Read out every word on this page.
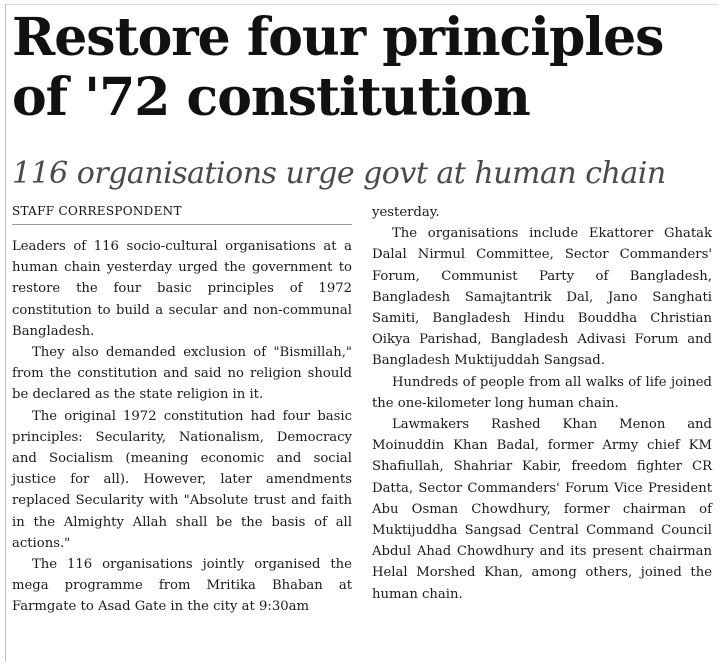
Restore four principles
of '72 constitution
116 organisations urge govt at human chain
STAFF CORRESPONDENT

Leaders of 116 socio-cultural organisations at a human chain yesterday urged the government to restore the four basic principles of 1972 constitution to build a secular and non-communal Bangladesh.

They also demanded exclusion of "Bismillah," from the constitution and said no religion should be declared as the state religion in it.

The original 1972 constitution had four basic principles: Secularity, Nationalism, Democracy and Socialism (meaning economic and social justice for all). However, later amendments replaced Secularity with "Absolute trust and faith in the Almighty Allah shall be the basis of all actions."

The 116 organisations jointly organised the mega programme from Mritika Bhaban at Farmgate to Asad Gate in the city at 9:30am

yesterday.

The organisations include Ekattorer Ghatak Dalal Nirmul Committee, Sector Commanders' Forum, Communist Party of Bangladesh, Bangladesh Samajtantrik Dal, Jano Sanghati Samiti, Bangladesh Hindu Bouddha Christian Oikya Parishad, Bangladesh Adivasi Forum and Bangladesh Muktijuddah Sangsad.

Hundreds of people from all walks of life joined the one-kilometer long human chain.

Lawmakers Rashed Khan Menon and Moinuddin Khan Badal, former Army chief KM Shafiullah, Shahriar Kabir, freedom fighter CR Datta, Sector Commanders' Forum Vice President Abu Osman Chowdhury, former chairman of Muktijuddha Sangsad Central Command Council Abdul Ahad Chowdhury and its present chairman Helal Morshed Khan, among others, joined the human chain.
